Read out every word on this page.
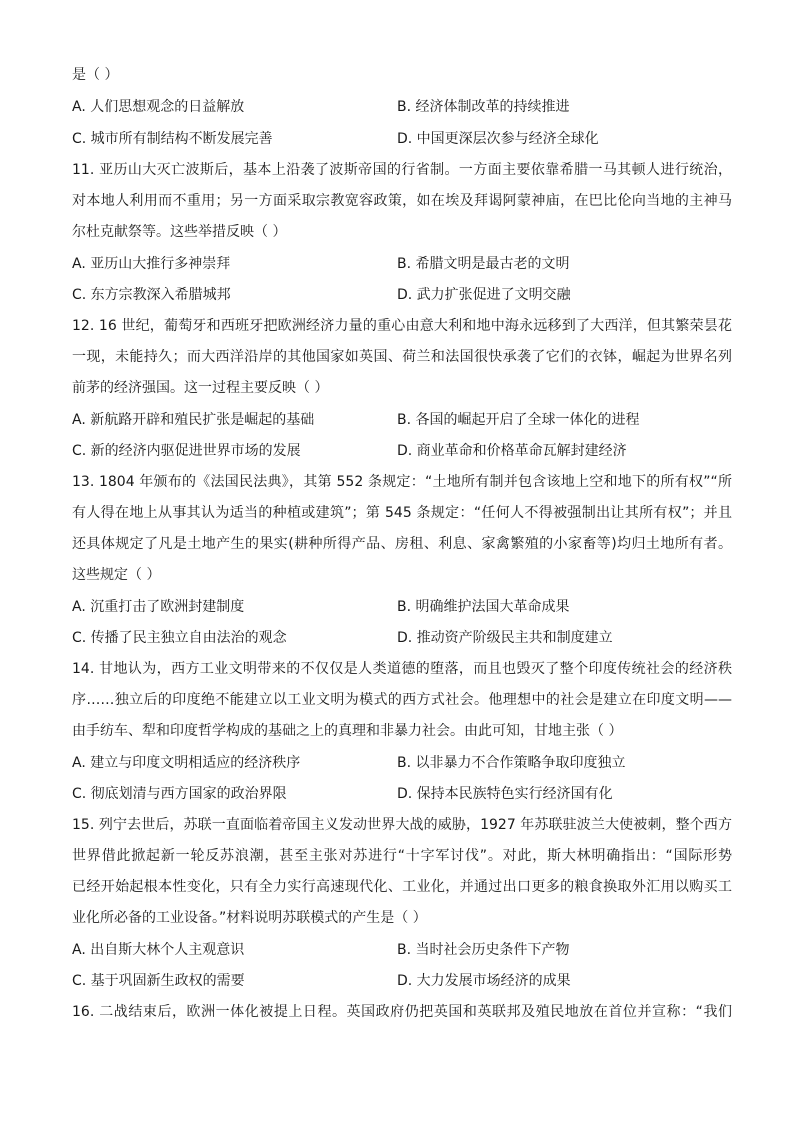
是（ ）
A. 人们思想观念的日益解放	B. 经济体制改革的持续推进
C. 城市所有制结构不断发展完善	D. 中国更深层次参与经济全球化
11. 亚历山大灭亡波斯后，基本上沿袭了波斯帝国的行省制。一方面主要依靠希腊一马其顿人进行统治，
对本地人利用而不重用；另一方面采取宗教宽容政策，如在埃及拜谒阿蒙神庙，在巴比伦向当地的主神马
尔杜克献祭等。这些举措反映（ ）
A. 亚历山大推行多神崇拜	B. 希腊文明是最古老的文明
C. 东方宗教深入希腊城邦	D. 武力扩张促进了文明交融
12. 16 世纪，葡萄牙和西班牙把欧洲经济力量的重心由意大利和地中海永远移到了大西洋，但其繁荣昙花
一现，未能持久；而大西洋沿岸的其他国家如英国、荷兰和法国很快承袭了它们的衣钵，崛起为世界名列
前茅的经济强国。这一过程主要反映（ ）
A. 新航路开辟和殖民扩张是崛起的基础	B. 各国的崛起开启了全球一体化的进程
C. 新的经济内驱促进世界市场的发展	D. 商业革命和价格革命瓦解封建经济
13. 1804 年颁布的《法国民法典》，其第 552 条规定：“土地所有制并包含该地上空和地下的所有权”“所
有人得在地上从事其认为适当的种植或建筑”；第 545 条规定：“任何人不得被强制出让其所有权”；并且
还具体规定了凡是土地产生的果实(耕种所得产品、房租、利息、家禽繁殖的小家畜等)均归土地所有者。
这些规定（ ）
A. 沉重打击了欧洲封建制度	B. 明确维护法国大革命成果
C. 传播了民主独立自由法治的观念	D. 推动资产阶级民主共和制度建立
14. 甘地认为，西方工业文明带来的不仅仅是人类道德的堕落，而且也毁灭了整个印度传统社会的经济秩
序……独立后的印度绝不能建立以工业文明为模式的西方式社会。他理想中的社会是建立在印度文明——
由手纺车、犁和印度哲学构成的基础之上的真理和非暴力社会。由此可知，甘地主张（ ）
A. 建立与印度文明相适应的经济秩序	B. 以非暴力不合作策略争取印度独立
C. 彻底划清与西方国家的政治界限	D. 保持本民族特色实行经济国有化
15. 列宁去世后，苏联一直面临着帝国主义发动世界大战的威胁，1927 年苏联驻波兰大使被刺，整个西方
世界借此掀起新一轮反苏浪潮，甚至主张对苏进行“十字军讨伐”。对此，斯大林明确指出：“国际形势
已经开始起根本性变化，只有全力实行高速现代化、工业化，并通过出口更多的粮食换取外汇用以购买工
业化所必备的工业设备。”材料说明苏联模式的产生是（ ）
A. 出自斯大林个人主观意识	B. 当时社会历史条件下产物
C. 基于巩固新生政权的需要	D. 大力发展市场经济的成果
16. 二战结束后，欧洲一体化被提上日程。英国政府仍把英国和英联邦及殖民地放在首位并宣称：“我们
